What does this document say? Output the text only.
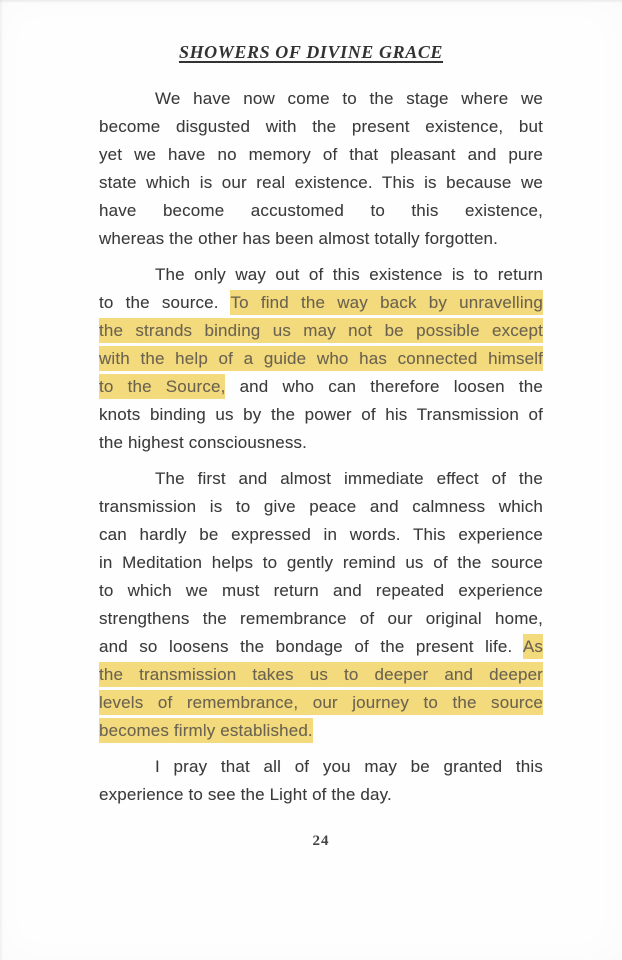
SHOWERS OF DIVINE GRACE
We have now come to the stage where we
become disgusted with the present existence, but
yet we have no memory of that pleasant and pure
state which is our real existence. This is because we
have become accustomed to this existence,
whereas the other has been almost totally forgotten.
The only way out of this existence is to return
to the source. To find the way back by unravelling
the strands binding us may not be possible except
with the help of a guide who has connected himself
to the Source, and who can therefore loosen the
knots binding us by the power of his Transmission of
the highest consciousness.
The first and almost immediate effect of the
transmission is to give peace and calmness which
can hardly be expressed in words. This experience
in Meditation helps to gently remind us of the source
to which we must return and repeated experience
strengthens the remembrance of our original home,
and so loosens the bondage of the present life. As
the transmission takes us to deeper and deeper
levels of remembrance, our journey to the source
becomes firmly established.
I pray that all of you may be granted this
experience to see the Light of the day.
24
